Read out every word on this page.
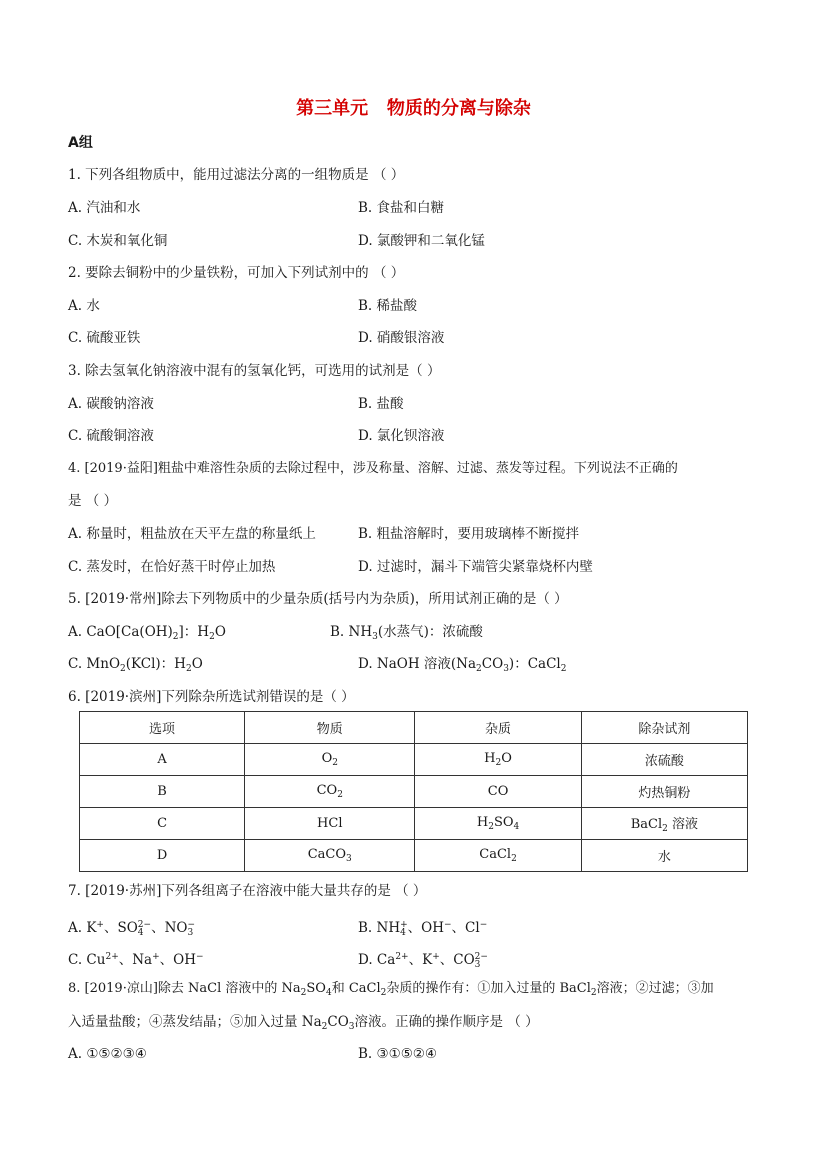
第三单元   物质的分离与除杂
A组
1. 下列各组物质中，能用过滤法分离的一组物质是 （ ）
A. 汽油和水	B. 食盐和白糖
C. 木炭和氧化铜	D. 氯酸钾和二氧化锰
2. 要除去铜粉中的少量铁粉，可加入下列试剂中的 （ ）
A. 水	B. 稀盐酸
C. 硫酸亚铁	D. 硝酸银溶液
3. 除去氢氧化钠溶液中混有的氢氧化钙，可选用的试剂是（ ）
A. 碳酸钠溶液	B. 盐酸
C. 硫酸铜溶液	D. 氯化钡溶液
4. [2019·益阳]粗盐中难溶性杂质的去除过程中，涉及称量、溶解、过滤、蒸发等过程。下列说法不正确的
是 （ ）
A. 称量时，粗盐放在天平左盘的称量纸上	B. 粗盐溶解时，要用玻璃棒不断搅拌
C. 蒸发时，在恰好蒸干时停止加热	D. 过滤时，漏斗下端管尖紧靠烧杯内壁
5. [2019·常州]除去下列物质中的少量杂质(括号内为杂质)，所用试剂正确的是（ ）
A. $CaO[Ca(OH)_2]$：$H_2O$	B. $NH_3$(水蒸气)：浓硫酸
C. MnO$_2$(KCl)：$H_2O$	D. NaOH 溶液$(Na_2CO_3)$：CaCl$_2$
6. [2019·滨州]下列除杂所选试剂错误的是（ ）
选项	物质	杂质	除杂试剂
A	$O_2$	$H_2O$	浓硫酸
B	$CO_2$	CO	灼热铜粉
C	HCl	$H_2SO_4$	BaCl$_2$ 溶液
D	CaCO$_3$	CaCl$_2$	水
7. [2019·苏州]下列各组离子在溶液中能大量共存的是 （ ）
A. K+、SO 2−
4 、NO −
3	B. NH +
4 、OH−、Cl−
C. $Cu^{2+}$、Na+、OH−	D. $Ca^{2+}$、K+、CO 2−
3
8. [2019·凉山]除去 NaCl 溶液中的 $Na_2SO_4$和 CaCl$_2$杂质的操作有：①加入过量的 BaCl$_2$溶液；②过滤；③加
入适量盐酸；④蒸发结晶；⑤加入过量 $Na_2CO_3$溶液。正确的操作顺序是 （ ）
A. ①⑤②③④	B. ③①⑤②④
